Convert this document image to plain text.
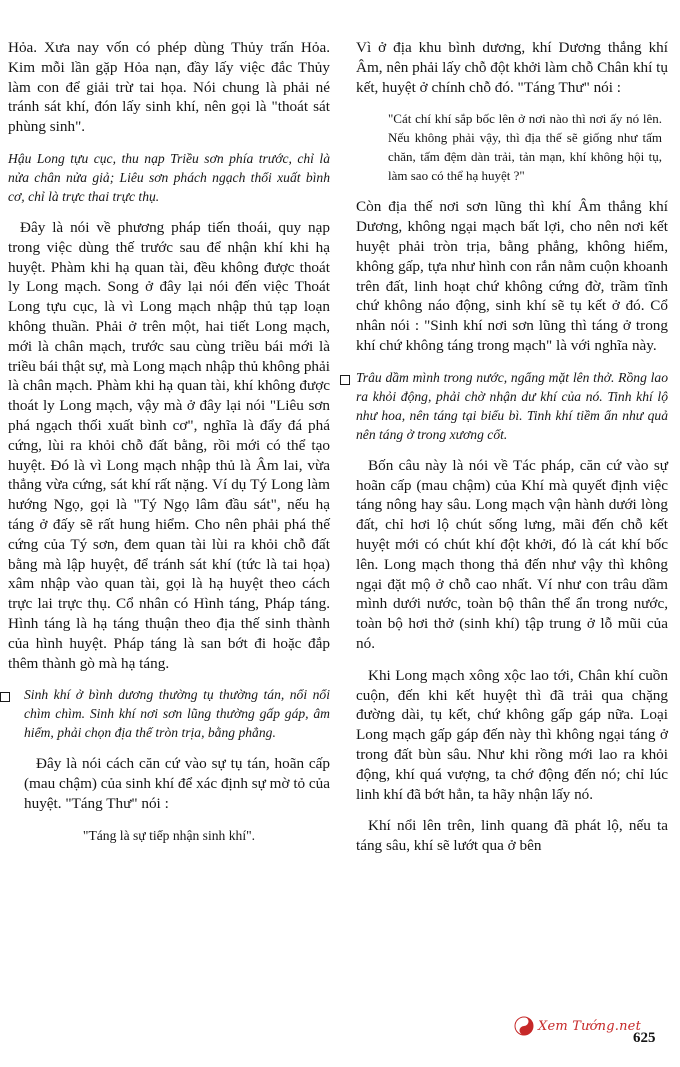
Hỏa. Xưa nay vốn có phép dùng Thủy trấn Hỏa. Kim mỗi lần gặp Hỏa nạn, đầy lấy việc đắc Thủy làm con để giải trừ tai họa. Nói chung là phải né tránh sát khí, đón lấy sinh khí, nên gọi là "thoát sát phùng sinh".

Hậu Long tựu cục, thu nạp Triều sơn phía trước, chỉ là nửa chân nửa giả; Liêu sơn phách ngạch thối xuất bình cơ, chỉ là trực thai trực thụ.

Đây là nói về phương pháp tiến thoái, quy nạp trong việc dùng thế trước sau để nhận khí khi hạ huyệt. Phàm khi hạ quan tài, đều không được thoát ly Long mạch. Song ở đây lại nói đến việc Thoát Long tựu cục, là vì Long mạch nhập thủ tạp loạn không thuần. Phải ở trên một, hai tiết Long mạch, mới là chân mạch, trước sau cùng triều bái mới là triều bái thật sự, mà Long mạch nhập thủ không phải là chân mạch. Phàm khi hạ quan tài, khí không được thoát ly Long mạch, vậy mà ở đây lại nói "Liêu sơn phá ngạch thối xuất bình cơ", nghĩa là đẩy đá phá cứng, lùi ra khỏi chỗ đất bằng, rồi mới có thể tạo huyệt. Đó là vì Long mạch nhập thủ là Âm lai, vừa thẳng vừa cứng, sát khí rất nặng. Ví dụ Tý Long làm hướng Ngọ, gọi là "Tý Ngọ lâm đầu sát", nếu hạ táng ở đấy sẽ rất hung hiểm. Cho nên phải phá thế cứng của Tý sơn, đem quan tài lùi ra khỏi chỗ đất bằng mà lập huyệt, để tránh sát khí (tức là tai họa) xâm nhập vào quan tài, gọi là hạ huyệt theo cách trực lai trực thụ. Cổ nhân có Hình táng, Pháp táng. Hình táng là hạ táng thuận theo địa thế sinh thành của hình huyệt. Pháp táng là san bớt đi hoặc đắp thêm thành gò mà hạ táng.

Sinh khí ở bình dương thường tụ thường tán, nổi nổi chìm chìm. Sinh khí nơi sơn lũng thường gấp gáp, âm hiểm, phải chọn địa thế tròn trịa, bằng phẳng.

Đây là nói cách căn cứ vào sự tụ tán, hoãn cấp (mau chậm) của sinh khí để xác định sự mờ tỏ của huyệt. "Táng Thư" nói :

"Táng là sự tiếp nhận sinh khí".

Vì ở địa khu bình dương, khí Dương thắng khí Âm, nên phải lấy chỗ đột khởi làm chỗ Chân khí tụ kết, huyệt ở chính chỗ đó. "Táng Thư" nói :

"Cát chí khí sắp bốc lên ở nơi nào thì nơi ấy nó lên. Nếu không phải vậy, thì địa thế sẽ giống như tấm chăn, tấm đệm dàn trải, tản mạn, khí không hội tụ, làm sao có thể hạ huyệt ?"

Còn địa thế nơi sơn lũng thì khí Âm thắng khí Dương, không ngại mạch bất lợi, cho nên nơi kết huyệt phải tròn trịa, bằng phẳng, không hiểm, không gấp, tựa như hình con rắn nằm cuộn khoanh trên đất, linh hoạt chứ không cứng đờ, trầm tĩnh chứ không náo động, sinh khí sẽ tụ kết ở đó. Cổ nhân nói : "Sinh khí nơi sơn lũng thì táng ở trong khí chứ không táng trong mạch" là với nghĩa này.

Trâu dầm mình trong nước, ngẩng mặt lên thở. Rồng lao ra khỏi động, phải chờ nhận dư khí của nó. Tinh khí lộ như hoa, nên táng tại biểu bì. Tinh khí tiềm ẩn như quả nên táng ở trong xương cốt.

Bốn câu này là nói về Tác pháp, căn cứ vào sự hoãn cấp (mau chậm) của Khí mà quyết định việc táng nông hay sâu. Long mạch vận hành dưới lòng đất, chỉ hơi lộ chút sống lưng, mãi đến chỗ kết huyệt mới có chút khí đột khởi, đó là cát khí bốc lên. Long mạch thong thả đến như vậy thì không ngại đặt mộ ở chỗ cao nhất. Ví như con trâu dầm mình dưới nước, toàn bộ thân thể ẩn trong nước, toàn bộ hơi thở (sinh khí) tập trung ở lỗ mũi của nó.

Khi Long mạch xông xộc lao tới, Chân khí cuồn cuộn, đến khi kết huyệt thì đã trải qua chặng đường dài, tụ kết, chứ không gấp gáp nữa. Loại Long mạch gấp gáp đến này thì không ngại táng ở trong đất bùn sâu. Như khi rồng mới lao ra khỏi động, khí quá vượng, ta chớ động đến nó; chỉ lúc linh khí đã bớt hẳn, ta hãy nhận lấy nó.

Khí nổi lên trên, linh quang đã phát lộ, nếu ta táng sâu, khí sẽ lướt qua ở bên

Xem Tướng.net
625
